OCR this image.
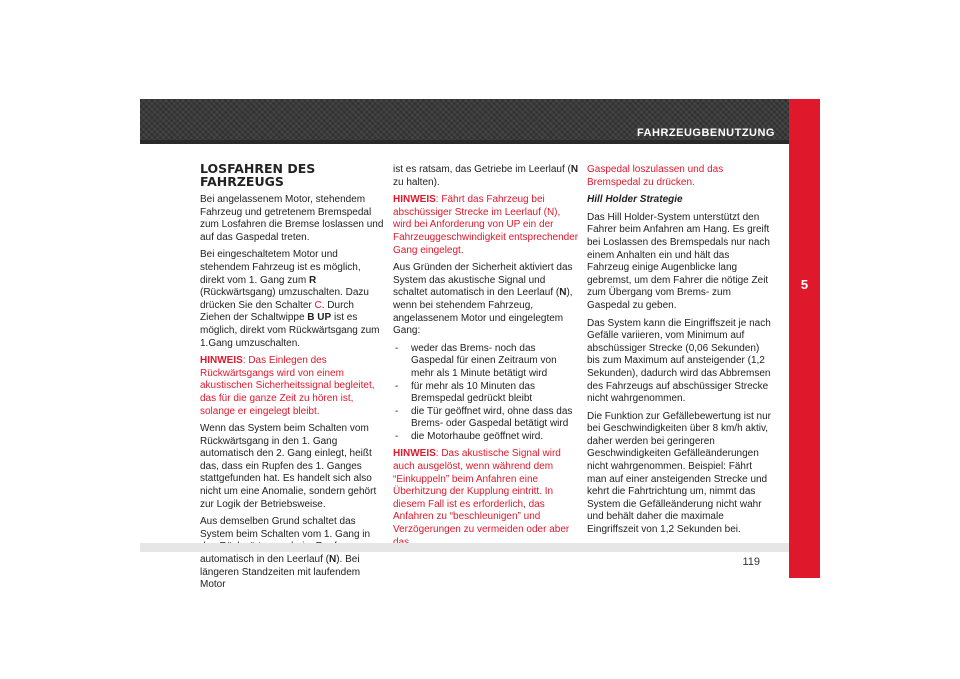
FAHRZEUGBENUTZUNG
5
LOSFAHREN DES FAHRZEUGS

Bei angelassenem Motor, stehendem Fahrzeug und getretenem Bremspedal zum Losfahren die Bremse loslassen und auf das Gaspedal treten.

Bei eingeschaltetem Motor und stehendem Fahrzeug ist es möglich, direkt vom 1. Gang zum R (Rückwärtsgang) umzuschalten. Dazu drücken Sie den Schalter C. Durch Ziehen der Schaltwippe B UP ist es möglich, direkt vom Rückwärtsgang zum 1.Gang umzuschalten.

HINWEIS: Das Einlegen des Rückwärtsgangs wird von einem akustischen Sicherheitssignal begleitet, das für die ganze Zeit zu hören ist, solange er eingelegt bleibt.

Wenn das System beim Schalten vom Rückwärtsgang in den 1. Gang automatisch den 2. Gang einlegt, heißt das, dass ein Rupfen des 1. Ganges stattgefunden hat. Es handelt sich also nicht um eine Anomalie, sondern gehört zur Logik der Betriebsweise.

Aus demselben Grund schaltet das System beim Schalten vom 1. Gang in automatisch in den Leerlauf (N). Bei längeren Standzeiten mit laufendem Motor

ist es ratsam, das Getriebe im Leerlauf (N zu halten).

HINWEIS: Fährt das Fahrzeug bei abschüssiger Strecke im Leerlauf (N), wird bei Anforderung von UP ein der Fahrzeuggeschwindigkeit entsprechender Gang eingelegt.

Aus Gründen der Sicherheit aktiviert das System das akustische Signal und schaltet automatisch in den Leerlauf (N), wenn bei stehendem Fahrzeug, angelassenem Motor und eingelegtem Gang:

- weder das Brems- noch das Gaspedal für einen Zeitraum von mehr als 1 Minute betätigt wird
- für mehr als 10 Minuten das Bremspedal gedrückt bleibt
- die Tür geöffnet wird, ohne dass das Brems- oder Gaspedal betätigt wird
- die Motorhaube geöffnet wird.

HINWEIS: Das akustische Signal wird auch ausgelöst, wenn während dem “Einkuppeln” beim Anfahren eine Überhitzung der Kupplung eintritt. In diesem Fall ist es erforderlich, das Anfahren zu “beschleunigen” und Verzögerungen zu vermeiden oder aber

Gaspedal loszulassen und das Bremspedal zu drücken.

Hill Holder Strategie

Das Hill Holder-System unterstützt den Fahrer beim Anfahren am Hang. Es greift bei Loslassen des Bremspedals nur nach einem Anhalten ein und hält das Fahrzeug einige Augenblicke lang gebremst, um dem Fahrer die nötige Zeit zum Übergang vom Brems- zum Gaspedal zu geben.

Das System kann die Eingriffszeit je nach Gefälle variieren, vom Minimum auf abschüssiger Strecke (0,06 Sekunden) bis zum Maximum auf ansteigender (1,2 Sekunden), dadurch wird das Abbremsen des Fahrzeugs auf abschüssiger Strecke nicht wahrgenommen.

Die Funktion zur Gefällebewertung ist nur bei Geschwindigkeiten über 8 km/h aktiv, daher werden bei geringeren Geschwindigkeiten Gefälleänderungen nicht wahrgenommen. Beispiel: Fährt man auf einer ansteigenden Strecke und kehrt die Fahrtrichtung um, nimmt das System die Gefälleänderung nicht wahr und behält daher die maximale Eingriffszeit von 1,2 Sekunden bei.

119
